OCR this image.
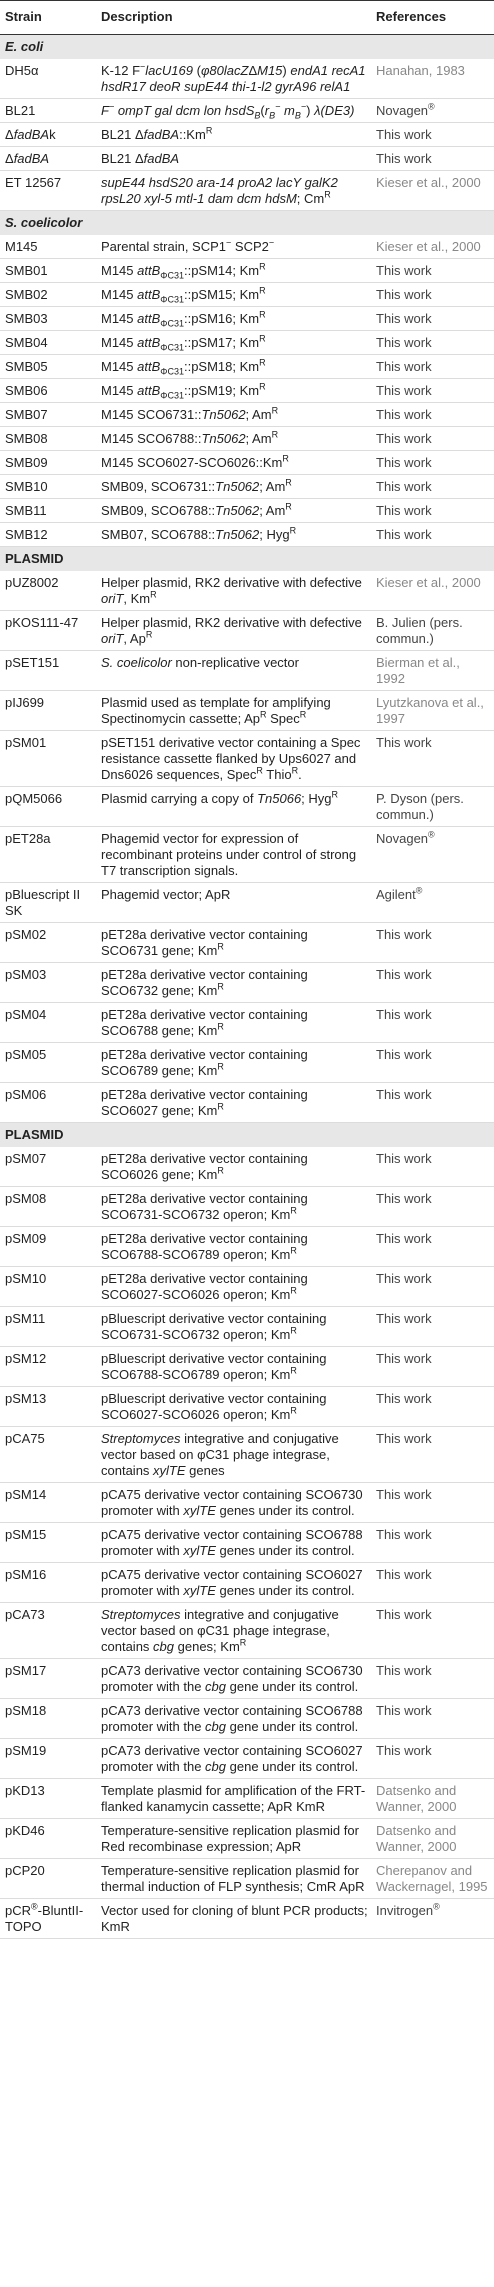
Strain	Description	References
E. coli		
DH5α	K-12 F−lacU169 (φ80lacZΔM15) endA1 recA1 hsdR17 deoR supE44 thi-1-l2 gyrA96 relA1	Hanahan, 1983
BL21	F− ompT gal dcm lon $hsdS_B(r_B^-$ $m_B^-$) λ(DE3)	Novagen®
ΔfadBAk	BL21 $\Delta fadBA::Km^R$	This work
ΔfadBA	BL21 ΔfadBA	This work
ET 12567	supE44 hsdS20 ara-14 proA2 lacY galK2 rpsL20 xyl-5 mtl-1 dam dcm hdsM; $Cm^R$	Kieser et al., 2000
S. coelicolor		
M145	Parental strain, SCP1− SCP2−	Kieser et al., 2000
SMB01	M145 attB$_{\Phi C31}$::pSM14; $Km^R$	This work
SMB02	M145 attB$_{\Phi C31}$::pSM15; $Km^R$	This work
SMB03	M145 attB$_{\Phi C31}$::pSM16; $Km^R$	This work
SMB04	M145 attB$_{\Phi C31}$::pSM17; $Km^R$	This work
SMB05	M145 attB$_{\Phi C31}$::pSM18; $Km^R$	This work
SMB06	M145 attB$_{\Phi C31}$::pSM19; $Km^R$	This work
SMB07	M145 SCO6731::Tn5062; $Am^R$	This work
SMB08	M145 SCO6788::Tn5062; $Am^R$	This work
SMB09	M145 $SCO6027-SCO6026::Km^R$	This work
SMB10	SMB09, SCO6731::Tn5062; $Am^R$	This work
SMB11	SMB09, SCO6788::Tn5062; $Am^R$	This work
SMB12	SMB07, SCO6788::Tn5062; Hyg$^R$	This work
PLASMID		
pUZ8002	Helper plasmid, RK2 derivative with defective oriT, $Km^R$	Kieser et al., 2000
pKOS111-47	Helper plasmid, RK2 derivative with defective oriT, $Ap^R$	B. Julien (pers. commun.)
pSET151	S. coelicolor non-replicative vector	Bierman et al., 1992
pIJ699	Plasmid used as template for amplifying Spectinomycin cassette; $Ap^R$ Spec$^R$	Lyutzkanova et al., 1997
pSM01	pSET151 derivative vector containing a Spec resistance cassette flanked by Ups6027 and Dns6026 sequences, Spec$^R$ Thio$^R$.	This work
pQM5066	Plasmid carrying a copy of Tn5066; Hyg$^R$	P. Dyson (pers. commun.)
pET28a	Phagemid vector for expression of recombinant proteins under control of strong T7 transcription signals.	Novagen®
pBluescript II SK	Phagemid vector; ApR	Agilent®
pSM02	pET28a derivative vector containing SCO6731 gene; $Km^R$	This work
pSM03	pET28a derivative vector containing SCO6732 gene; $Km^R$	This work
pSM04	pET28a derivative vector containing SCO6788 gene; $Km^R$	This work
pSM05	pET28a derivative vector containing SCO6789 gene; $Km^R$	This work
pSM06	pET28a derivative vector containing SCO6027 gene; $Km^R$	This work
PLASMID		
pSM07	pET28a derivative vector containing SCO6026 gene; $Km^R$	This work
pSM08	pET28a derivative vector containing SCO6731-SCO6732 operon; $Km^R$	This work
pSM09	pET28a derivative vector containing SCO6788-SCO6789 operon; $Km^R$	This work
pSM10	pET28a derivative vector containing SCO6027-SCO6026 operon; $Km^R$	This work
pSM11	pBluescript derivative vector containing SCO6731-SCO6732 operon; $Km^R$	This work
pSM12	pBluescript derivative vector containing SCO6788-SCO6789 operon; $Km^R$	This work
pSM13	pBluescript derivative vector containing SCO6027-SCO6026 operon; $Km^R$	This work
pCA75	Streptomyces integrative and conjugative vector based on φC31 phage integrase, contains xylTE genes	This work
pSM14	pCA75 derivative vector containing SCO6730 promoter with xylTE genes under its control.	This work
pSM15	pCA75 derivative vector containing SCO6788 promoter with xylTE genes under its control.	This work
pSM16	pCA75 derivative vector containing SCO6027 promoter with xylTE genes under its control.	This work
pCA73	Streptomyces integrative and conjugative vector based on φC31 phage integrase, contains cbg genes; $Km^R$	This work
pSM17	pCA73 derivative vector containing SCO6730 promoter with the cbg gene under its control.	This work
pSM18	pCA73 derivative vector containing SCO6788 promoter with the cbg gene under its control.	This work
pSM19	pCA73 derivative vector containing SCO6027 promoter with the cbg gene under its control.	This work
pKD13	Template plasmid for amplification of the FRT-flanked kanamycin cassette; ApR KmR	Datsenko and Wanner, 2000
pKD46	Temperature-sensitive replication plasmid for Red recombinase expression; ApR	Datsenko and Wanner, 2000
pCP20	Temperature-sensitive replication plasmid for thermal induction of FLP synthesis; CmR ApR	Cherepanov and Wackernagel, 1995
pCR®-BluntII-TOPO	Vector used for cloning of blunt PCR products; KmR	Invitrogen®
